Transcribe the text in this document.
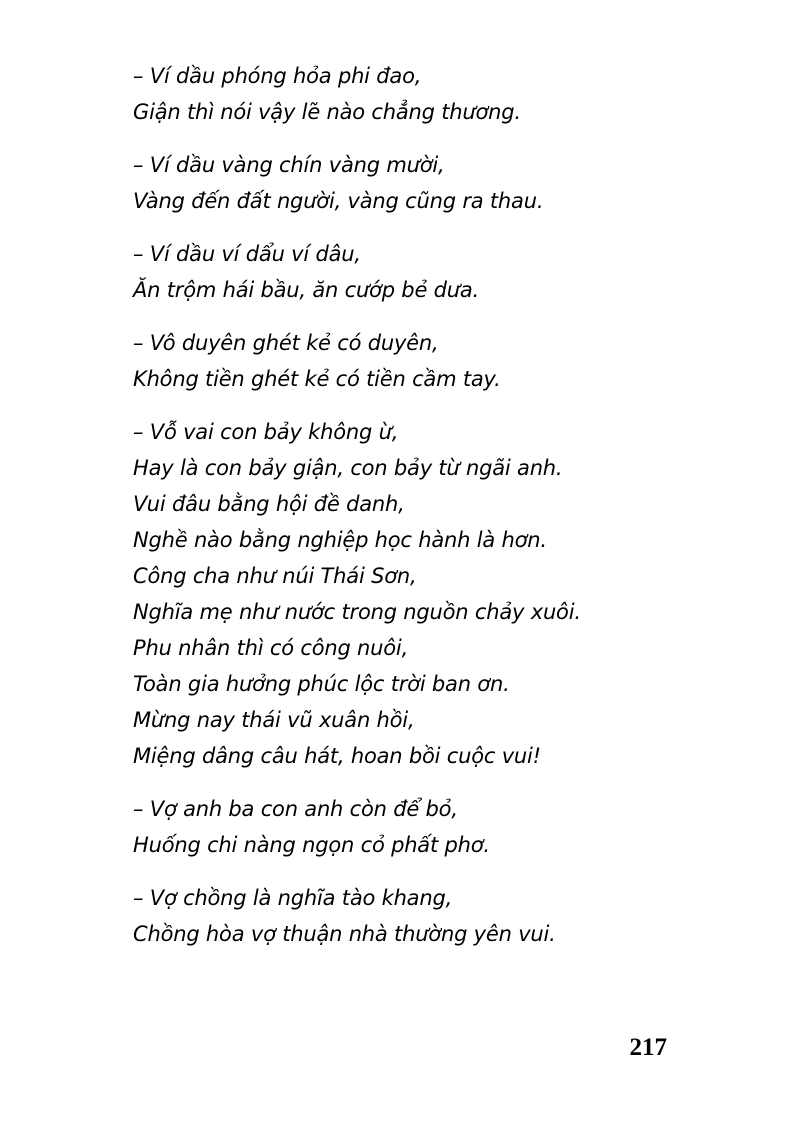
– Ví dầu phóng hỏa phi đao,
Giận thì nói vậy lẽ nào chẳng thương.
– Ví dầu vàng chín vàng mười,
Vàng đến đất người, vàng cũng ra thau.
– Ví dầu ví dẩu ví dâu,
Ăn trộm hái bầu, ăn cướp bẻ dưa.
– Vô duyên ghét kẻ có duyên,
Không tiền ghét kẻ có tiền cầm tay.
– Vỗ vai con bảy không ừ,
Hay là con bảy giận, con bảy từ ngãi anh.
Vui đâu bằng hội đề danh,
Nghề nào bằng nghiệp học hành là hơn.
Công cha như núi Thái Sơn,
Nghĩa mẹ như nước trong nguồn chảy xuôi.
Phu nhân thì có công nuôi,
Toàn gia hưởng phúc lộc trời ban ơn.
Mừng nay thái vũ xuân hồi,
Miệng dâng câu hát, hoan bồi cuộc vui!
– Vợ anh ba con anh còn để bỏ,
Huống chi nàng ngọn cỏ phất phơ.
– Vợ chồng là nghĩa tào khang,
Chồng hòa vợ thuận nhà thường yên vui.
217
